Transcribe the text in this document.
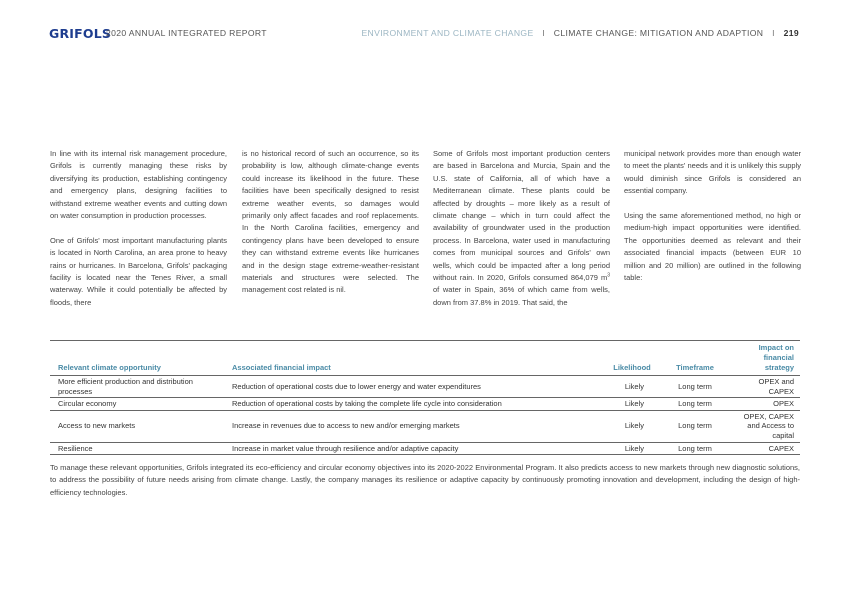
GRIFOLS
2020 ANNUAL INTEGRATED REPORT	ENVIRONMENT AND CLIMATE CHANGE I CLIMATE CHANGE: MITIGATION AND ADAPTION I 219

In line with its internal risk management procedure, Grifols is currently managing these risks by diversifying its production, establishing contingency and emergency plans, designing facilities to withstand extreme weather events and cutting down on water consumption in production processes.

One of Grifols' most important manufacturing plants is located in North Carolina, an area prone to heavy rains or hurricanes. In Barcelona, Grifols' packaging facility is located near the Tenes River, a small waterway. While it could potentially be affected by floods, there

is no historical record of such an occurrence, so its probability is low, although climate-change events could increase its likelihood in the future. These facilities have been specifically designed to resist extreme weather events, so damages would primarily only affect facades and roof replacements. In the North Carolina facilities, emergency and contingency plans have been developed to ensure they can withstand extreme events like hurricanes and in the design stage extreme-weather-resistant materials and structures were selected. The management cost related is nil.

Some of Grifols most important production centers are based in Barcelona and Murcia, Spain and the U.S. state of California, all of which have a Mediterranean climate. These plants could be affected by droughts – more likely as a result of climate change – which in turn could affect the availability of groundwater used in the production process. In Barcelona, water used in manufacturing comes from municipal sources and Grifols' own wells, which could be impacted after a long period without rain. In 2020, Grifols consumed 864,079 $m^3$ of water in Spain, 36% of which came from wells, down from 37.8% in 2019. That said, the

municipal network provides more than enough water to meet the plants' needs and it is unlikely this supply would diminish since Grifols is considered an essential company.

Using the same aforementioned method, no high or medium-high impact opportunities were identified. The opportunities deemed as relevant and their associated financial impacts (between EUR 10 million and 20 million) are outlined in the following table:

Relevant climate opportunity	Associated financial impact	Likelihood	Timeframe	Impact on financial strategy
More efficient production and distribution processes	Reduction of operational costs due to lower energy and water expenditures	Likely	Long term	OPEX and CAPEX
Circular economy	Reduction of operational costs by taking the complete life cycle into consideration	Likely	Long term	OPEX
Access to new markets	Increase in revenues due to access to new and/or emerging markets	Likely	Long term	OPEX, CAPEX and Access to capital
Resilience	Increase in market value through resilience and/or adaptive capacity	Likely	Long term	CAPEX

To manage these relevant opportunities, Grifols integrated its eco-efficiency and circular economy objectives into its 2020-2022 Environmental Program. It also predicts access to new markets through new diagnostic solutions, to address the possibility of future needs arising from climate change. Lastly, the company manages its resilience or adaptive capacity by continuously promoting innovation and development, including the design of high-efficiency technologies.
